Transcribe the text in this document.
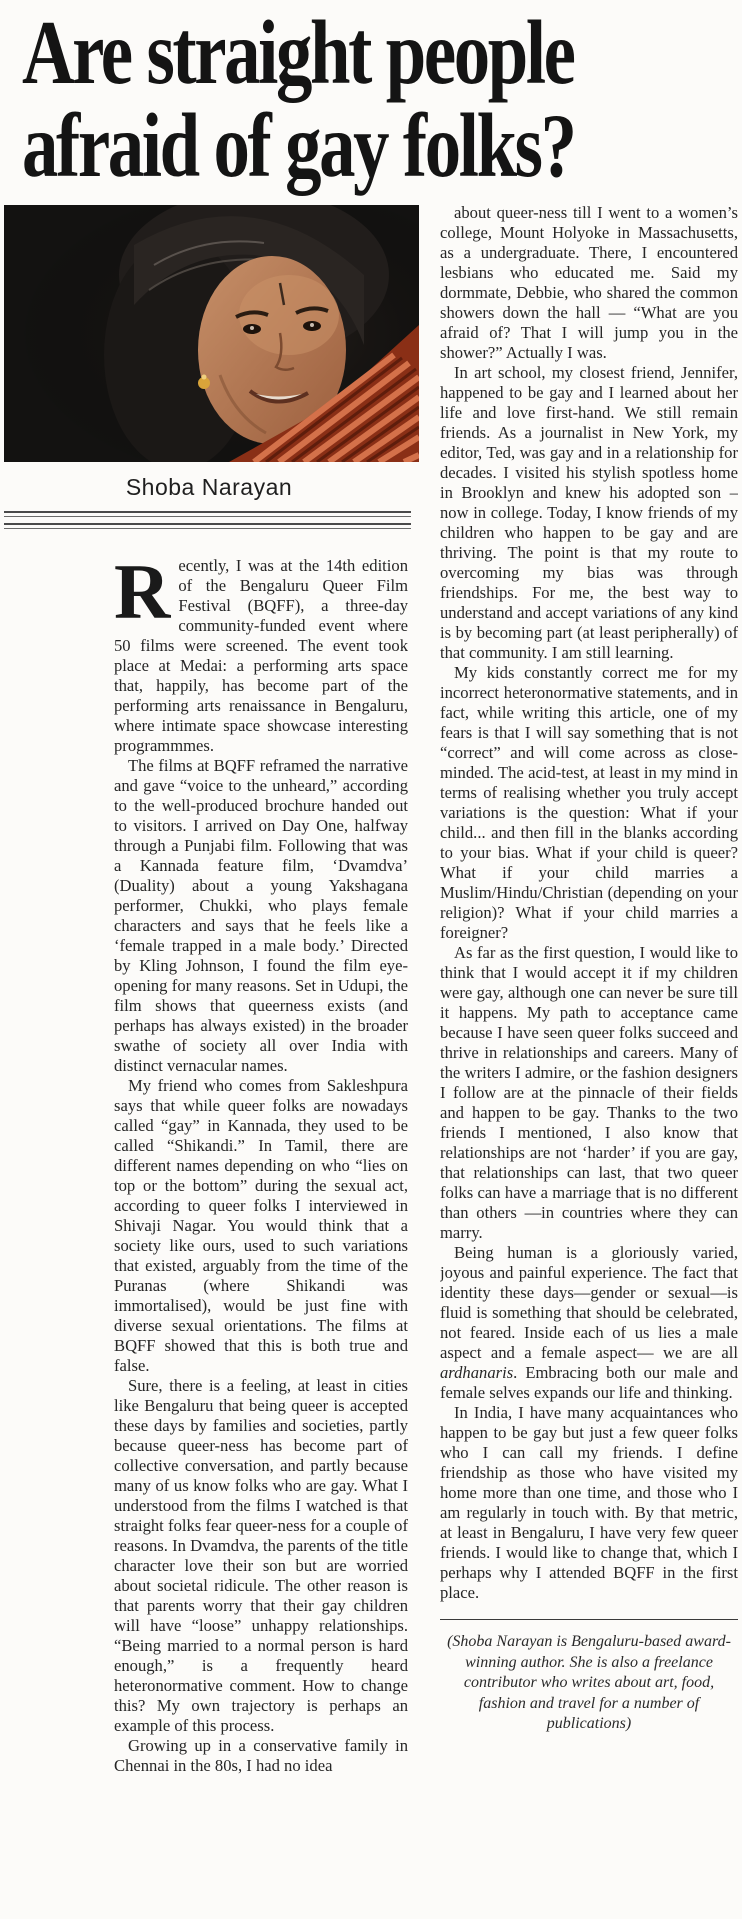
Are straight people
afraid of gay folks?
Shoba Narayan

Recently, I was at the 14th edition of the Bengaluru Queer Film Festival (BQFF), a three-day community-funded event where 50 films were screened. The event took place at Medai: a performing arts space that, happily, has become part of the performing arts renaissance in Bengaluru, where intimate space showcase interesting programmmes.

The films at BQFF reframed the narrative and gave “voice to the unheard,” according to the well-produced brochure handed out to visitors. I arrived on Day One, halfway through a Punjabi film. Following that was a Kannada feature film, ‘Dvamdva’ (Duality) about a young Yakshagana performer, Chukki, who plays female characters and says that he feels like a ‘female trapped in a male body.’ Directed by Kling Johnson, I found the film eye-opening for many reasons. Set in Udupi, the film shows that queerness exists (and perhaps has always existed) in the broader swathe of society all over India with distinct vernacular names.

My friend who comes from Sakleshpura says that while queer folks are nowadays called “gay” in Kannada, they used to be called “Shikandi.” In Tamil, there are different names depending on who “lies on top or the bottom” during the sexual act, according to queer folks I interviewed in Shivaji Nagar. You would think that a society like ours, used to such variations that existed, arguably from the time of the Puranas (where Shikandi was immortalised), would be just fine with diverse sexual orientations. The films at BQFF showed that this is both true and false.

Sure, there is a feeling, at least in cities like Bengaluru that being queer is accepted these days by families and societies, partly because queer-ness has become part of collective conversation, and partly because many of us know folks who are gay. What I understood from the films I watched is that straight folks fear queer-ness for a couple of reasons. In Dvamdva, the parents of the title character love their son but are worried about societal ridicule. The other reason is that parents worry that their gay children will have “loose” unhappy relationships. “Being married to a normal person is hard enough,” is a frequently heard heteronormative comment. How to change this? My own trajectory is perhaps an example of this process.

Growing up in a conservative family in Chennai in the 80s, I had no idea

about queer-ness till I went to a women’s college, Mount Holyoke in Massachusetts, as a undergraduate. There, I encountered lesbians who educated me. Said my dormmate, Debbie, who shared the common showers down the hall — “What are you afraid of? That I will jump you in the shower?” Actually I was.

In art school, my closest friend, Jennifer, happened to be gay and I learned about her life and love first-hand. We still remain friends. As a journalist in New York, my editor, Ted, was gay and in a relationship for decades. I visited his stylish spotless home in Brooklyn and knew his adopted son – now in college. Today, I know friends of my children who happen to be gay and are thriving. The point is that my route to overcoming my bias was through friendships. For me, the best way to understand and accept variations of any kind is by becoming part (at least peripherally) of that community. I am still learning.

My kids constantly correct me for my incorrect heteronormative statements, and in fact, while writing this article, one of my fears is that I will say something that is not “correct” and will come across as close-minded. The acid-test, at least in my mind in terms of realising whether you truly accept variations is the question: What if your child... and then fill in the blanks according to your bias. What if your child is queer? What if your child marries a Muslim/Hindu/Christian (depending on your religion)? What if your child marries a foreigner?

As far as the first question, I would like to think that I would accept it if my children were gay, although one can never be sure till it happens. My path to acceptance came because I have seen queer folks succeed and thrive in relationships and careers. Many of the writers I admire, or the fashion designers I follow are at the pinnacle of their fields and happen to be gay. Thanks to the two friends I mentioned, I also know that relationships are not ‘harder’ if you are gay, that relationships can last, that two queer folks can have a marriage that is no different than others —in countries where they can marry.

Being human is a gloriously varied, joyous and painful experience. The fact that identity these days—gender or sexual—is fluid is something that should be celebrated, not feared. Inside each of us lies a male aspect and a female aspect— we are all ardhanaris. Embracing both our male and female selves expands our life and thinking.

In India, I have many acquaintances who happen to be gay but just a few queer folks who I can call my friends. I define friendship as those who have visited my home more than one time, and those who I am regularly in touch with. By that metric, at least in Bengaluru, I have very few queer friends. I would like to change that, which I perhaps why I attended BQFF in the first place.

(Shoba Narayan is Bengaluru-based award-winning author. She is also a freelance contributor who writes about art, food, fashion and travel for a number of publications)
